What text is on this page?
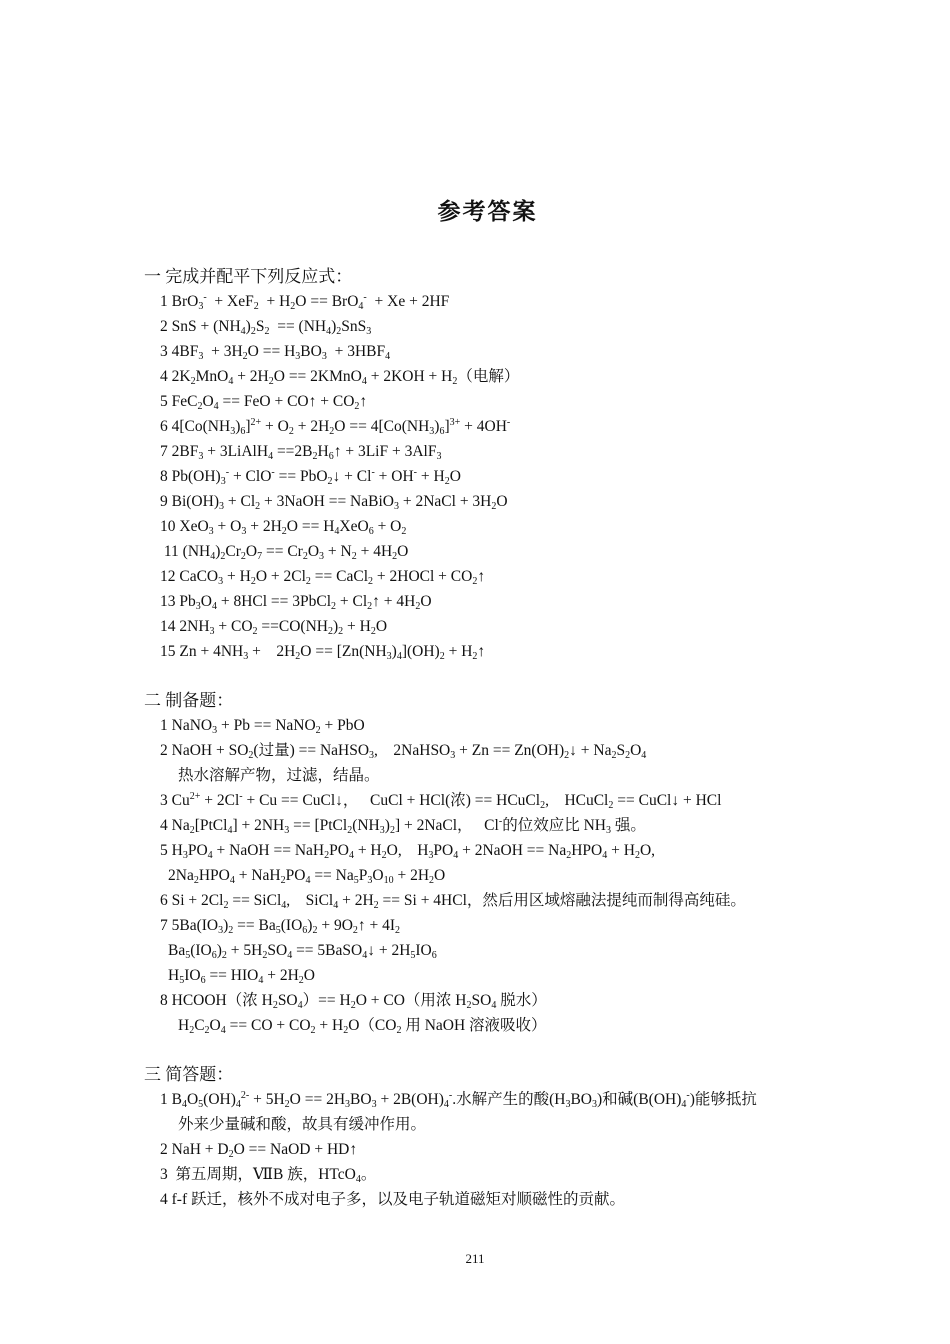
参考答案
一 完成并配平下列反应式：
1 $BrO_3^- + XeF_2 + H_2O == BrO_4^- + Xe + 2HF$
2 SnS + $(NH_4)_2S_2 == (NH_4)_2SnS_3$
3 $4BF_3 + 3H_2O == H_3BO_3 + 3HBF_4$
4 $2K_2MnO_4 + 2H_2O$ == 2KMnO$_4$ + $2KOH + H_2$（电解）
5 $FeC_2O_4$ == FeO + CO↑ + $CO_2↑$
6 $4[Co(NH_3)_6]^{2+} + O_2 + 2H_2O == 4[Co(NH_3)_6]^{3+} + 4OH^-$
7 $2BF_3$ + 3LiAlH$_4$ $==2B_2H_6↑ + 3LiF + 3AlF_3$
8 $Pb(OH)_3^- + ClO^-$ == PbO$_2$↓ + $Cl^- + OH^- + H_2O$
9 $Bi(OH)_3 + Cl_2$ + 3NaOH == NaBiO$_3$ + 2NaCl + $3H_2O$
10 $XeO_3 + O_3 + 2H_2O == H_4XeO_6 + O_2$
11 $(NH_4)_2Cr_2O_7 == Cr_2O_3 + N_2 + 4H_2O$
12 CaCO$_3$ + $H_2O + 2Cl_2$ == CaCl$_2$ + 2HOCl + $CO_2↑$
13 $Pb_3O_4 + 8HCl$ == 3PbCl$_2$ + $Cl_2↑ + 4H_2O$
14 $2NH_3 + CO_2 ==CO(NH_2)_2 + H_2O$
15 $Zn + 4NH_3$ +    $2H_2O == [Zn(NH_3)_4](OH)_2$ + $H_2↑$
二 制备题：
1 NaNO$_3$ + Pb == NaNO$_2$ + PbO
2 NaOH + $SO_2$(过量) == NaHSO$_3$,    2NaHSO$_3$ + $Zn == Zn(OH)_2↓ + Na_2S_2O_4$
热水溶解产物，过滤，结晶。
3 $Cu^{2+} + 2Cl^- + Cu$ == CuCl↓，   CuCl + HCl(浓) == HCuCl$_2$,    HCuCl$_2$ == CuCl↓ + HCl
4 $Na_2[PtCl_4] + 2NH_3$ == $[PtCl_2(NH_3)_2]$ + 2NaCl，   Cl-的位效应比 $NH_3$ 强。
5 $H_3PO_4$ + NaOH == $NaH_2PO_4 + H_2O$,    $H_3PO_4$ + 2NaOH == $Na_2HPO_4 + H_2O$,
$2Na_2HPO_4 + NaH_2PO_4 == Na_5P_3O_{10} + 2H_2O$
6 $Si + 2Cl_2$ == SiCl$_4$,    SiCl$_4$ + $2H_2 == Si + 4HCl$，然后用区域熔融法提纯而制得高纯硅。
7 $5Ba(IO_3)_2 == Ba_5(IO_6)_2$ + $9O_2↑ + 4I_2$
$Ba_5(IO_6)_2 + 5H_2SO_4$ == 5BaSO$_4$↓ + $2H_5IO_6$
$H_5IO_6 == HIO_4 + 2H_2O$
8 HCOOH（浓 $H_2SO_4)== H_2O + CO$（用浓 $H_2SO_4$ 脱水）
$H_2C_2O_4$ == CO + $CO_2 + H_2O(CO_2$ 用 NaOH 溶液吸收）
三 简答题：
1 $B_4O_5(OH)_4^{2-} + 5H_2O == 2H_3BO_3 + 2B(OH)_4^-$.水解产生的酸$(H_3BO_3)$和碱$(B(OH)_4^-)$能够抵抗
外来少量碱和酸，故具有缓冲作用。
2 NaH + $D_2O$ == NaOD + HD↑
3  第五周期，ⅦB 族，HTcO$_4$。
4 f-f 跃迁，核外不成对电子多，以及电子轨道磁矩对顺磁性的贡献。
211
